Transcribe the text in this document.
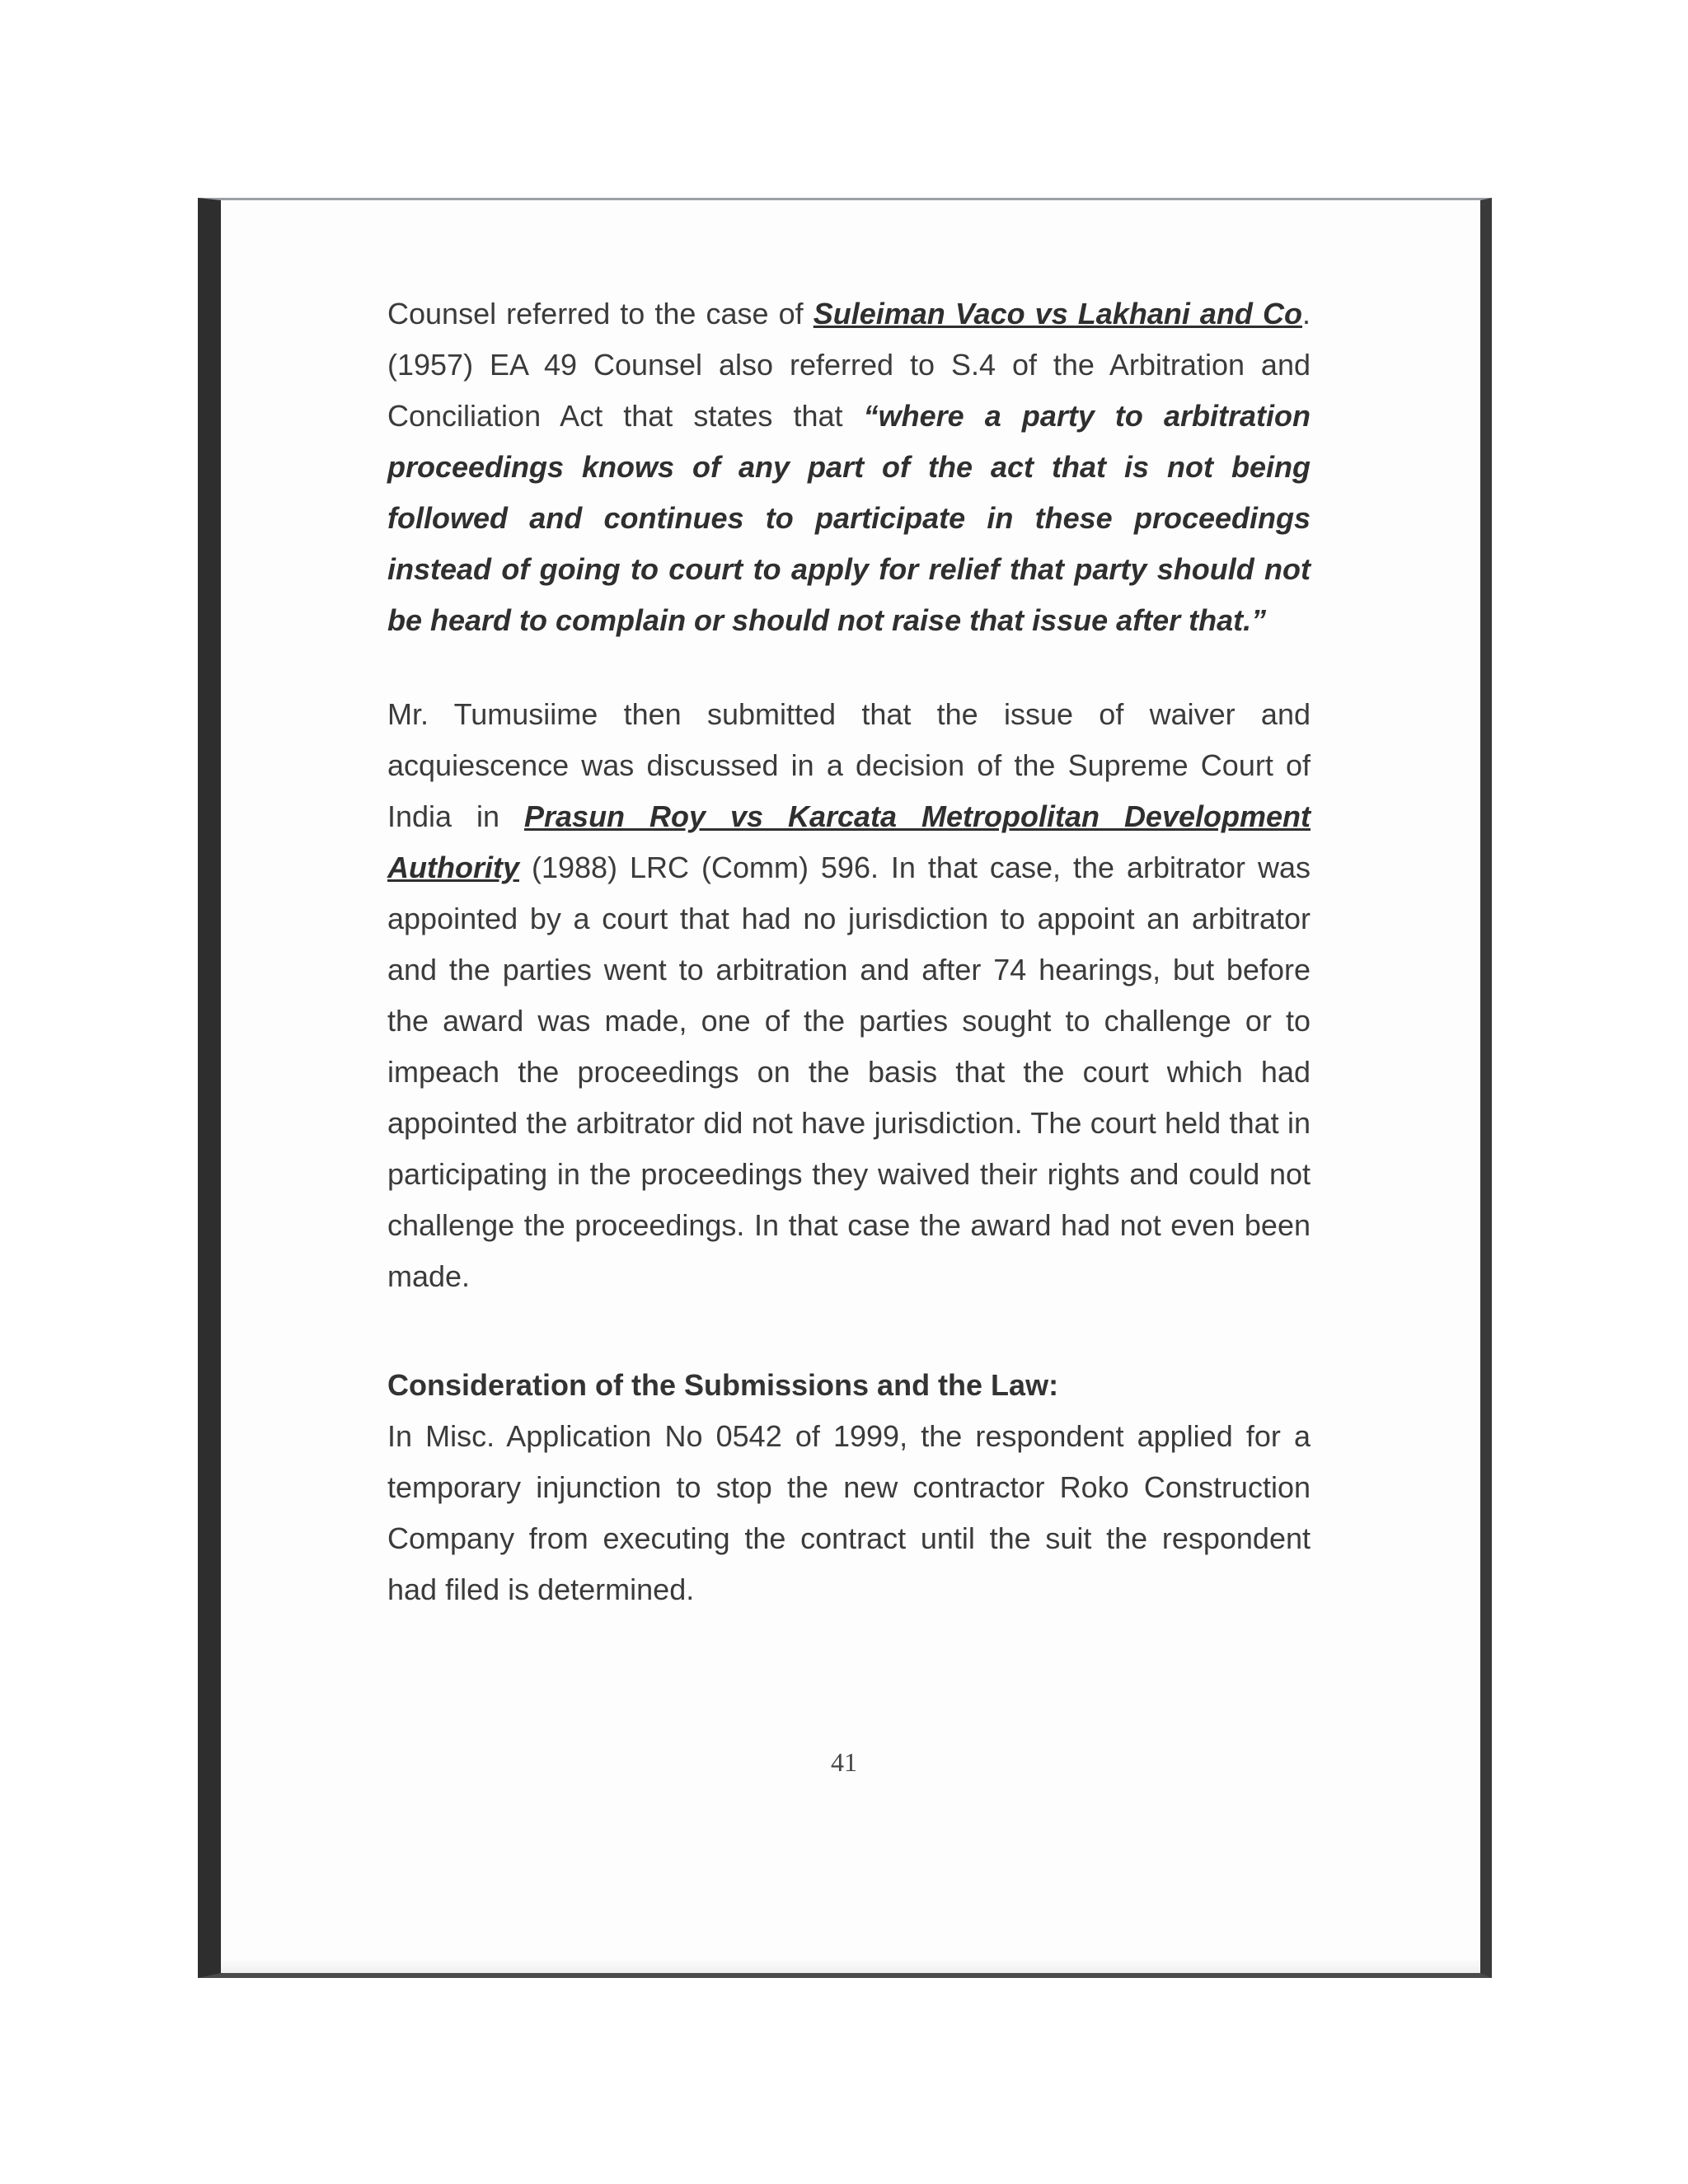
Counsel referred to the case of Suleiman Vaco vs Lakhani and Co.(1957) EA 49 Counsel also referred to S.4 of the Arbitration and Conciliation Act that states that “where a party to arbitration proceedings knows of any part of the act that is not being followed and continues to participate in these proceedings instead of going to court to apply for relief that party should not be heard to complain or should not raise that issue after that.”

Mr. Tumusiime then submitted that the issue of waiver and acquiescence was discussed in a decision of the Supreme Court of India in Prasun Roy vs Karcata Metropolitan Development Authority (1988) LRC (Comm) 596. In that case, the arbitrator was appointed by a court that had no jurisdiction to appoint an arbitrator and the parties went to arbitration and after 74 hearings, but before the award was made, one of the parties sought to challenge or to impeach the proceedings on the basis that the court which had appointed the arbitrator did not have jurisdiction. The court held that in participating in the proceedings they waived their rights and could not challenge the proceedings. In that case the award had not even been made.

Consideration of the Submissions and the Law:

In Misc. Application No 0542 of 1999, the respondent applied for a temporary injunction to stop the new contractor Roko Construction Company from executing the contract until the suit the respondent had filed is determined.

41
